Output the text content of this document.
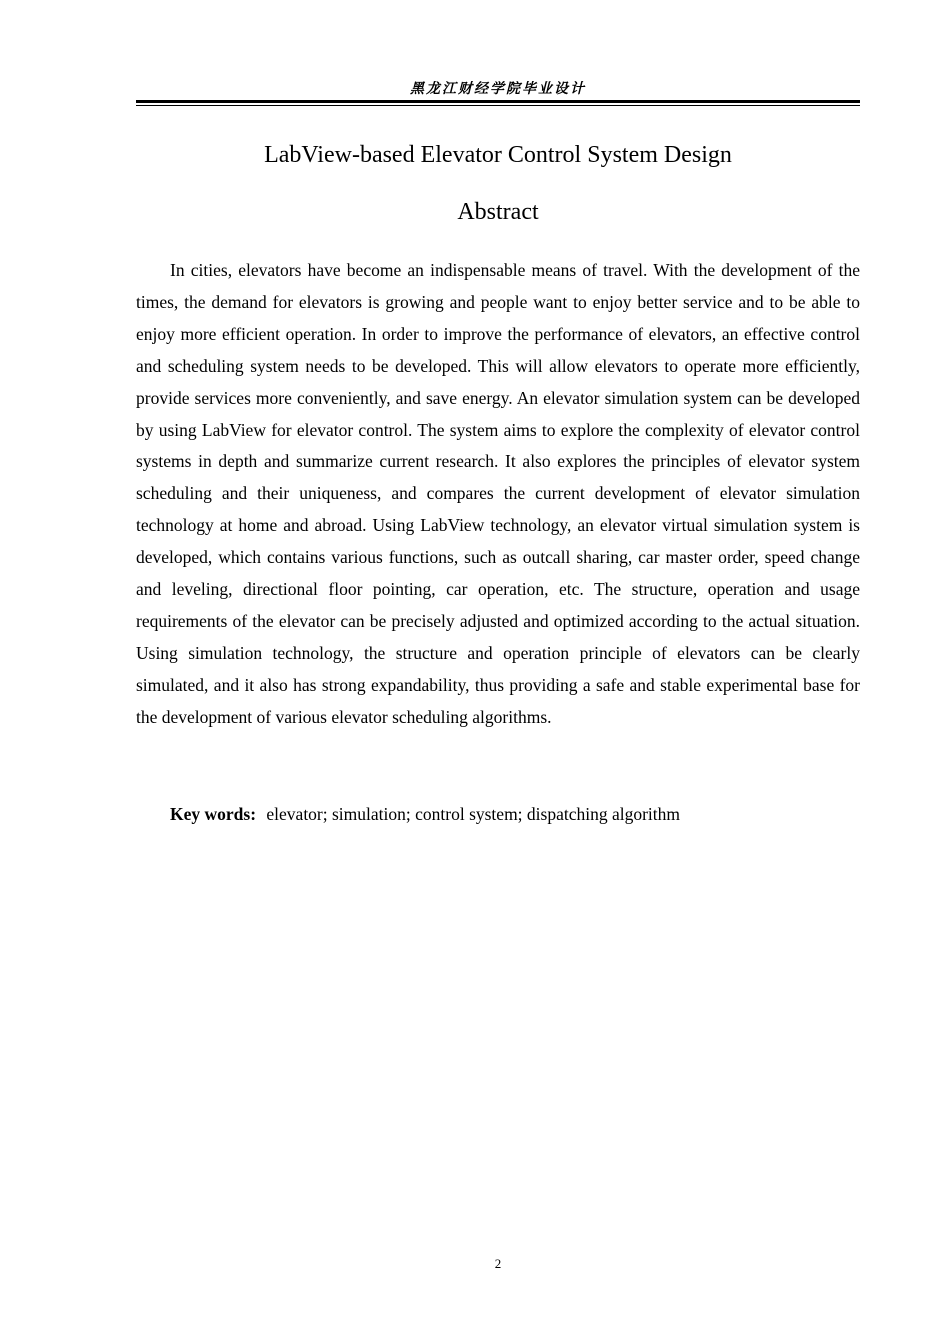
黑龙江财经学院毕业设计
LabView-based Elevator Control System Design
Abstract

In cities, elevators have become an indispensable means of travel. With the development of the times, the demand for elevators is growing and people want to enjoy better service and to be able to enjoy more efficient operation. In order to improve the performance of elevators, an effective control and scheduling system needs to be developed. This will allow elevators to operate more efficiently, provide services more conveniently, and save energy. An elevator simulation system can be developed by using LabView for elevator control. The system aims to explore the complexity of elevator control systems in depth and summarize current research. It also explores the principles of elevator system scheduling and their uniqueness, and compares the current development of elevator simulation technology at home and abroad. Using LabView technology, an elevator virtual simulation system is developed, which contains various functions, such as outcall sharing, car master order, speed change and leveling, directional floor pointing, car operation, etc. The structure, operation and usage requirements of the elevator can be precisely adjusted and optimized according to the actual situation. Using simulation technology, the structure and operation principle of elevators can be clearly simulated, and it also has strong expandability, thus providing a safe and stable experimental base for the development of various elevator scheduling algorithms.

Key words: elevator; simulation; control system; dispatching algorithm

2
